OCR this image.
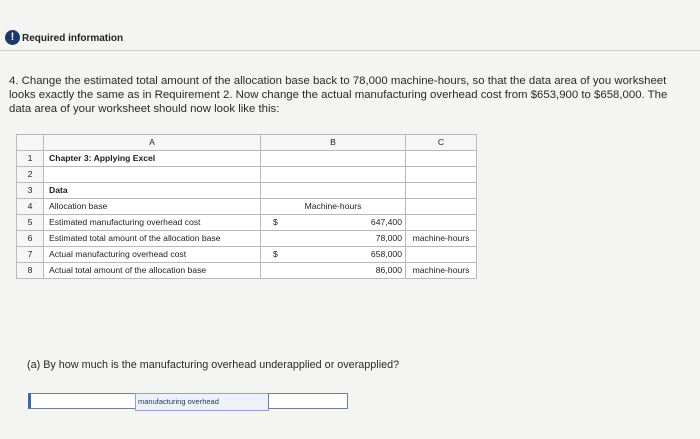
! Required information
4. Change the estimated total amount of the allocation base back to 78,000 machine-hours, so that the data area of you worksheet looks exactly the same as in Requirement 2. Now change the actual manufacturing overhead cost from $653,900 to $658,000. The data area of your worksheet should now look like this:
	A	B	C
1	Chapter 3: Applying Excel		
2			
3	Data		
4	Allocation base	Machine-hours	
5	Estimated manufacturing overhead cost	$ 647,400	
6	Estimated total amount of the allocation base	78,000	machine-hours
7	Actual manufacturing overhead cost	$ 658,000	
8	Actual total amount of the allocation base	86,000	machine-hours
(a) By how much is the manufacturing overhead underapplied or overapplied?
manufacturing overhead
